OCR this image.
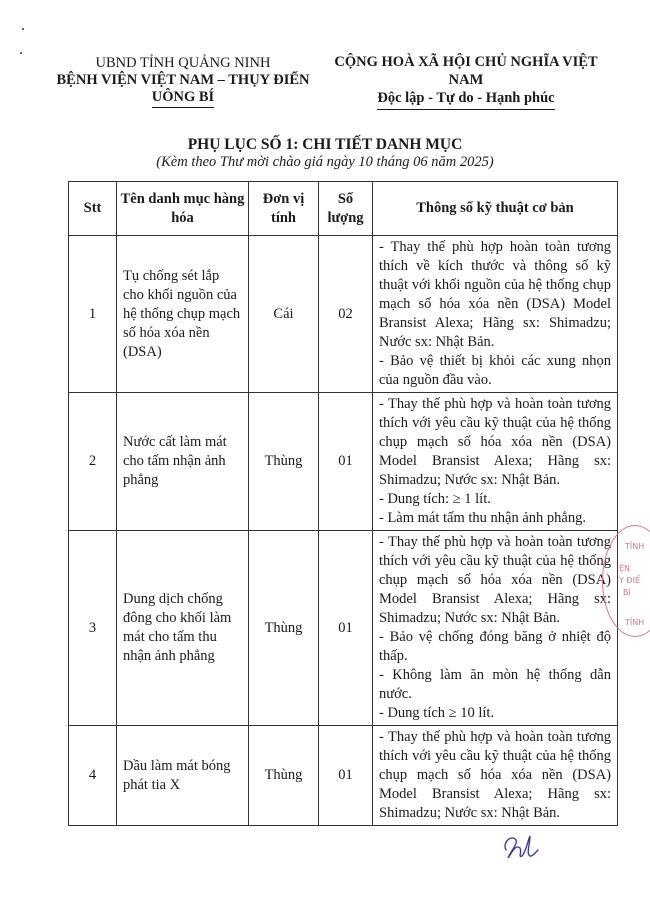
UBND TỈNH QUẢNG NINH
BỆNH VIỆN VIỆT NAM – THỤY ĐIỂN
UÔNG BÍ
CỘNG HOÀ XÃ HỘI CHỦ NGHĨA VIỆT NAM
Độc lập - Tự do - Hạnh phúc
PHỤ LỤC SỐ 1: CHI TIẾT DANH MỤC
(Kèm theo Thư mời chào giá ngày 10 tháng 06 năm 2025)
Stt	Tên danh mục hàng hóa	Đơn vị tính	Số lượng	Thông số kỹ thuật cơ bản
1	Tụ chống sét lắp cho khối nguồn của hệ thống chụp mạch số hóa xóa nền (DSA)	Cái	02	- Thay thế phù hợp hoàn toàn tương thích về kích thước và thông số kỹ thuật với khối nguồn của hệ thống chụp mạch số hóa xóa nền (DSA) Model Bransist Alexa; Hãng sx: Shimadzu; Nước sx: Nhật Bản.
- Bảo vệ thiết bị khỏi các xung nhọn của nguồn đầu vào.

2	Nước cất làm mát cho tấm nhận ảnh phẳng	Thùng	01	- Thay thế phù hợp và hoàn toàn tương thích với yêu cầu kỹ thuật của hệ thống chụp mạch số hóa xóa nền (DSA) Model Bransist Alexa; Hãng sx: Shimadzu; Nước sx: Nhật Bản.
- Dung tích: ≥ 1 lít.
- Làm mát tấm thu nhận ảnh phẳng.

3	Dung dịch chống đông cho khối làm mát cho tấm thu nhận ảnh phẳng	Thùng	01	- Thay thế phù hợp và hoàn toàn tương thích với yêu cầu kỹ thuật của hệ thống chụp mạch số hóa xóa nền (DSA) Model Bransist Alexa; Hãng sx: Shimadzu; Nước sx: Nhật Bản.
- Bảo vệ chống đóng băng ở nhiệt độ thấp.
- Không làm ăn mòn hệ thống dẫn nước.
- Dung tích ≥ 10 lít.

4	Dầu làm mát bóng phát tia X	Thùng	01	- Thay thế phù hợp và hoàn toàn tương thích với yêu cầu kỹ thuật của hệ thống chụp mạch số hóa xóa nền (DSA) Model Bransist Alexa; Hãng sx: Shimadzu; Nước sx: Nhật Bản.
TỈNH
ỆN
Y ĐIỂ
BÍ
TỈNH
